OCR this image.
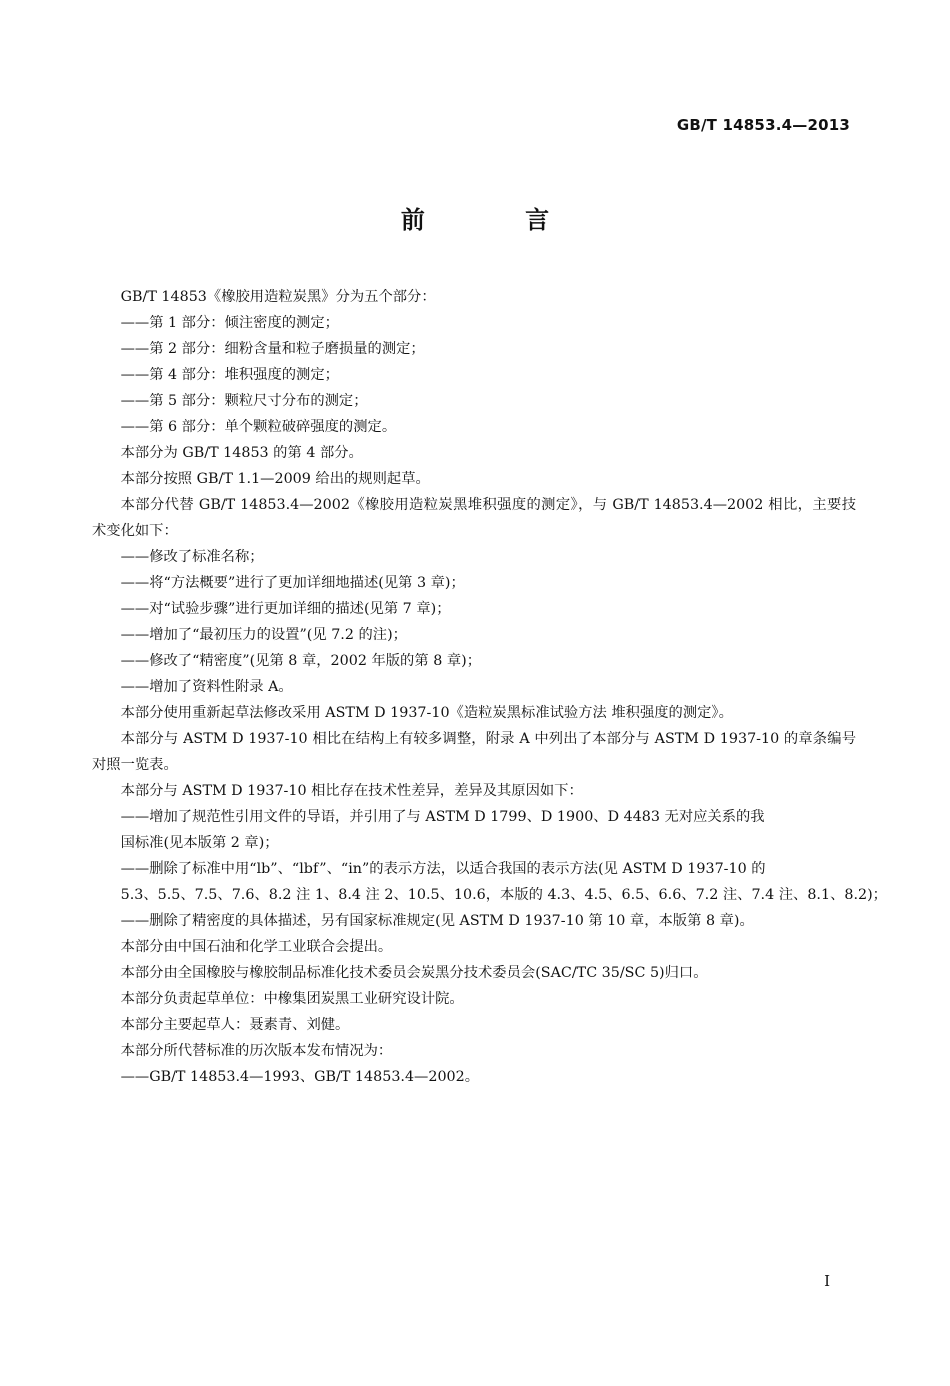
GB/T 14853.4—2013
前 言

GB/T 14853《橡胶用造粒炭黑》分为五个部分：

——第 1 部分：倾注密度的测定；

——第 2 部分：细粉含量和粒子磨损量的测定；

——第 4 部分：堆积强度的测定；

——第 5 部分：颗粒尺寸分布的测定；

——第 6 部分：单个颗粒破碎强度的测定。

本部分为 GB/T 14853 的第 4 部分。

本部分按照 GB/T 1.1—2009 给出的规则起草。

本部分代替 GB/T 14853.4—2002《橡胶用造粒炭黑堆积强度的测定》，与 GB/T 14853.4—2002 相比，主要技术变化如下：

——修改了标准名称；

——将“方法概要”进行了更加详细地描述(见第 3 章)；

——对“试验步骤”进行更加详细的描述(见第 7 章)；

——增加了“最初压力的设置”(见 7.2 的注)；

——修改了“精密度”(见第 8 章，2002 年版的第 8 章)；

——增加了资料性附录 A。

本部分使用重新起草法修改采用 ASTM D 1937-10《造粒炭黑标准试验方法 堆积强度的测定》。

本部分与 ASTM D 1937-10 相比在结构上有较多调整，附录 A 中列出了本部分与 ASTM D 1937-10 的章条编号对照一览表。

本部分与 ASTM D 1937-10 相比存在技术性差异，差异及其原因如下：

——增加了规范性引用文件的导语，并引用了与 ASTM D 1799、D 1900、D 4483 无对应关系的我
国标准(见本版第 2 章)；

——删除了标准中用“lb”、“lbf”、“in”的表示方法，以适合我国的表示方法(见 ASTM D 1937-10 的
5.3、5.5、7.5、7.6、8.2 注 1、8.4 注 2、10.5、10.6，本版的 4.3、4.5、6.5、6.6、7.2 注、7.4 注、8.1、8.2)；

——删除了精密度的具体描述，另有国家标准规定(见 ASTM D 1937-10 第 10 章，本版第 8 章)。

本部分由中国石油和化学工业联合会提出。

本部分由全国橡胶与橡胶制品标准化技术委员会炭黑分技术委员会(SAC/TC 35/SC 5)归口。

本部分负责起草单位：中橡集团炭黑工业研究设计院。

本部分主要起草人：聂素青、刘健。

本部分所代替标准的历次版本发布情况为：

——GB/T 14853.4—1993、GB/T 14853.4—2002。

I
